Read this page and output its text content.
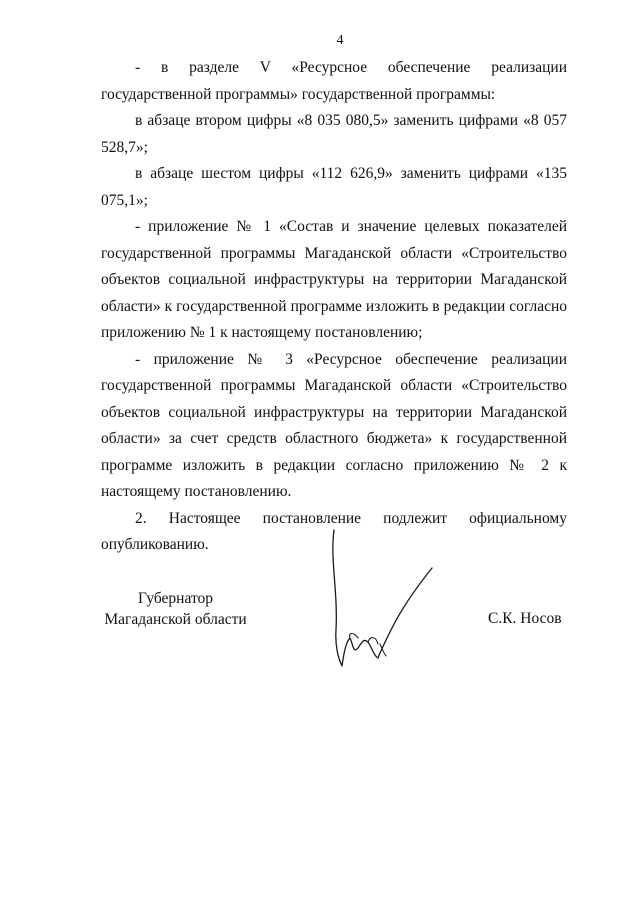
4

- в разделе V «Ресурсное обеспечение реализации государственной программы» государственной программы:

в абзаце втором цифры «8 035 080,5» заменить цифрами «8 057 528,7»;

в абзаце шестом цифры «112 626,9» заменить цифрами «135 075,1»;

- приложение № 1 «Состав и значение целевых показателей государственной программы Магаданской области «Строительство объектов социальной инфраструктуры на территории Магаданской области» к государственной программе изложить в редакции согласно приложению № 1 к настоящему постановлению;

- приложение № 3 «Ресурсное обеспечение реализации государственной программы Магаданской области «Строительство объектов социальной инфраструктуры на территории Магаданской области» за счет средств областного бюджета» к государственной программе изложить в редакции согласно приложению № 2 к настоящему постановлению.

2. Настоящее постановление подлежит официальному опубликованию.

Губернатор
Магаданской области	С.К. Носов
